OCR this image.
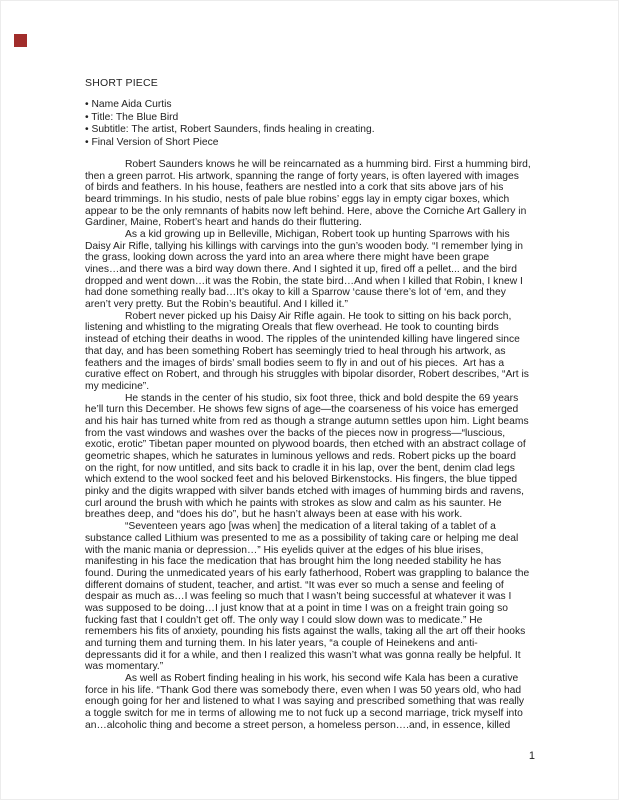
SHORT PIECE
• Name Aida Curtis
• Title: The Blue Bird
• Subtitle: The artist, Robert Saunders, finds healing in creating.
• Final Version of Short Piece
Robert Saunders knows he will be reincarnated as a humming bird. First a humming bird,
then a green parrot. His artwork, spanning the range of forty years, is often layered with images
of birds and feathers. In his house, feathers are nestled into a cork that sits above jars of his
beard trimmings. In his studio, nests of pale blue robins’ eggs lay in empty cigar boxes, which
appear to be the only remnants of habits now left behind. Here, above the Corniche Art Gallery in
Gardiner, Maine, Robert’s heart and hands do their fluttering.
As a kid growing up in Belleville, Michigan, Robert took up hunting Sparrows with his
Daisy Air Rifle, tallying his killings with carvings into the gun’s wooden body. “I remember lying in
the grass, looking down across the yard into an area where there might have been grape
vines…and there was a bird way down there. And I sighted it up, fired off a pellet... and the bird
dropped and went down…it was the Robin, the state bird…And when I killed that Robin, I knew I
had done something really bad…It’s okay to kill a Sparrow ‘cause there’s lot of ‘em, and they
aren’t very pretty. But the Robin’s beautiful. And I killed it.”
Robert never picked up his Daisy Air Rifle again. He took to sitting on his back porch,
listening and whistling to the migrating Oreals that flew overhead. He took to counting birds
instead of etching their deaths in wood. The ripples of the unintended killing have lingered since
that day, and has been something Robert has seemingly tried to heal through his artwork, as
feathers and the images of birds’ small bodies seem to fly in and out of his pieces.  Art has a
curative effect on Robert, and through his struggles with bipolar disorder, Robert describes, “Art is
my medicine”.
He stands in the center of his studio, six foot three, thick and bold despite the 69 years
he’ll turn this December. He shows few signs of age—the coarseness of his voice has emerged
and his hair has turned white from red as though a strange autumn settles upon him. Light beams
from the vast windows and washes over the backs of the pieces now in progress—“luscious,
exotic, erotic” Tibetan paper mounted on plywood boards, then etched with an abstract collage of
geometric shapes, which he saturates in luminous yellows and reds. Robert picks up the board
on the right, for now untitled, and sits back to cradle it in his lap, over the bent, denim clad legs
which extend to the wool socked feet and his beloved Birkenstocks. His fingers, the blue tipped
pinky and the digits wrapped with silver bands etched with images of humming birds and ravens,
curl around the brush with which he paints with strokes as slow and calm as his saunter. He
breathes deep, and “does his do”, but he hasn’t always been at ease with his work.
“Seventeen years ago [was when] the medication of a literal taking of a tablet of a
substance called Lithium was presented to me as a possibility of taking care or helping me deal
with the manic mania or depression…” His eyelids quiver at the edges of his blue irises,
manifesting in his face the medication that has brought him the long needed stability he has
found. During the unmedicated years of his early fatherhood, Robert was grappling to balance the
different domains of student, teacher, and artist. “It was ever so much a sense and feeling of
despair as much as…I was feeling so much that I wasn’t being successful at whatever it was I
was supposed to be doing…I just know that at a point in time I was on a freight train going so
fucking fast that I couldn’t get off. The only way I could slow down was to medicate.” He
remembers his fits of anxiety, pounding his fists against the walls, taking all the art off their hooks
and turning them and turning them. In his later years, “a couple of Heinekens and anti-
depressants did it for a while, and then I realized this wasn’t what was gonna really be helpful. It
was momentary.”
As well as Robert finding healing in his work, his second wife Kala has been a curative
force in his life. “Thank God there was somebody there, even when I was 50 years old, who had
enough going for her and listened to what I was saying and prescribed something that was really
a toggle switch for me in terms of allowing me to not fuck up a second marriage, trick myself into
an…alcoholic thing and become a street person, a homeless person….and, in essence, killed
1
